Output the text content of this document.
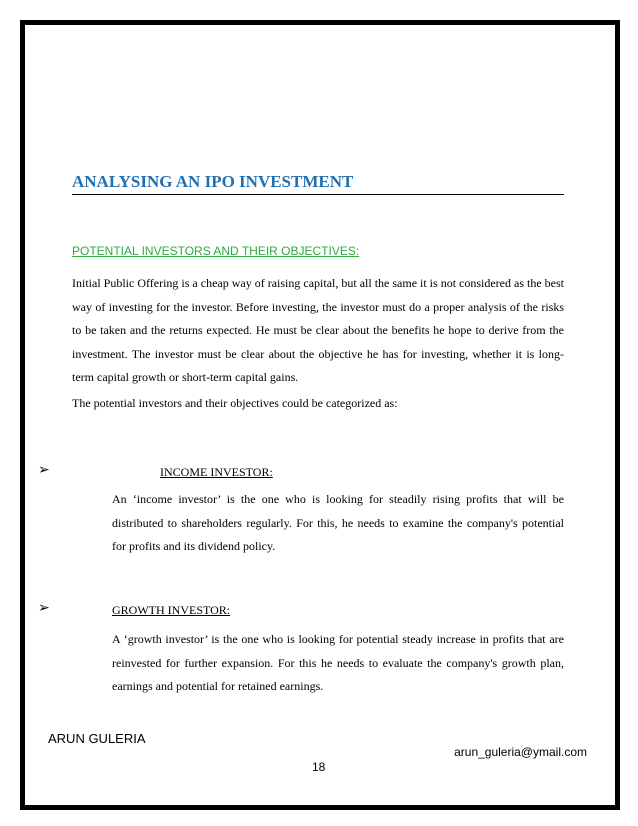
ANALYSING AN IPO INVESTMENT
POTENTIAL INVESTORS AND THEIR OBJECTIVES:
Initial Public Offering is a cheap way of raising capital, but all the same it is not considered as the best way of investing for the investor. Before investing, the investor must do a proper analysis of the risks to be taken and the returns expected. He must be clear about the benefits he hope to derive from the investment. The investor must be clear about the objective he has for investing, whether it is long-term capital growth or short-term capital gains.
The potential investors and their objectives could be categorized as:
➢	INCOME INVESTOR:
An ‘income investor’ is the one who is looking for steadily rising profits that will be distributed to shareholders regularly. For this, he needs to examine the company's potential for profits and its dividend policy.
➢	GROWTH INVESTOR:
A ‘growth investor’ is the one who is looking for potential steady increase in profits that are reinvested for further expansion. For this he needs to evaluate the company's growth plan, earnings and potential for retained earnings.
ARUN GULERIA
arun_guleria@ymail.com
18
